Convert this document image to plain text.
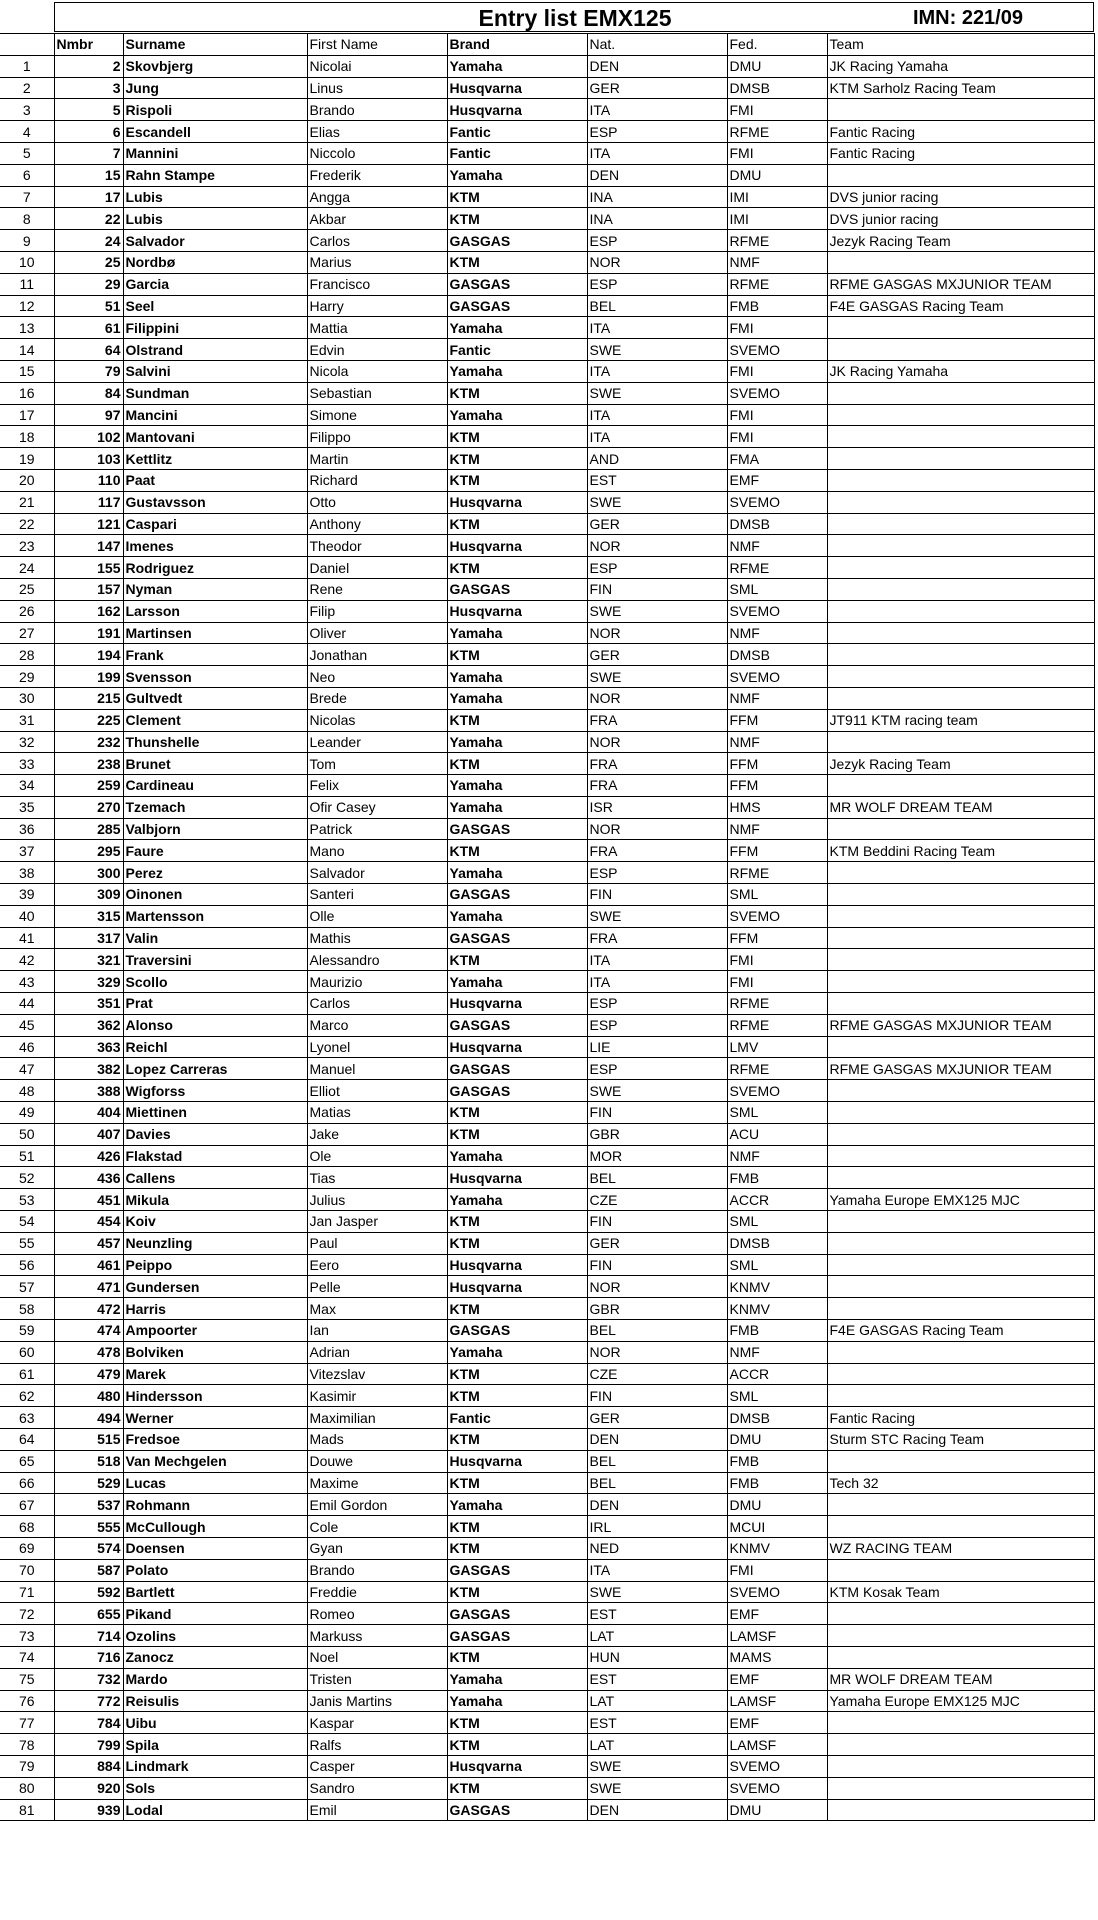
Entry list EMX125	IMN: 221/09
	Nmbr	Surname	First Name	Brand	Nat.	Fed.	Team
1	2	Skovbjerg	Nicolai	Yamaha	DEN	DMU	JK Racing Yamaha
2	3	Jung	Linus	Husqvarna	GER	DMSB	KTM Sarholz Racing Team
3	5	Rispoli	Brando	Husqvarna	ITA	FMI	
4	6	Escandell	Elias	Fantic	ESP	RFME	Fantic Racing
5	7	Mannini	Niccolo	Fantic	ITA	FMI	Fantic Racing
6	15	Rahn Stampe	Frederik	Yamaha	DEN	DMU	
7	17	Lubis	Angga	KTM	INA	IMI	DVS junior racing
8	22	Lubis	Akbar	KTM	INA	IMI	DVS junior racing
9	24	Salvador	Carlos	GASGAS	ESP	RFME	Jezyk Racing Team
10	25	Nordbø	Marius	KTM	NOR	NMF	
11	29	Garcia	Francisco	GASGAS	ESP	RFME	RFME GASGAS MXJUNIOR TEAM
12	51	Seel	Harry	GASGAS	BEL	FMB	F4E GASGAS Racing Team
13	61	Filippini	Mattia	Yamaha	ITA	FMI	
14	64	Olstrand	Edvin	Fantic	SWE	SVEMO	
15	79	Salvini	Nicola	Yamaha	ITA	FMI	JK Racing Yamaha
16	84	Sundman	Sebastian	KTM	SWE	SVEMO	
17	97	Mancini	Simone	Yamaha	ITA	FMI	
18	102	Mantovani	Filippo	KTM	ITA	FMI	
19	103	Kettlitz	Martin	KTM	AND	FMA	
20	110	Paat	Richard	KTM	EST	EMF	
21	117	Gustavsson	Otto	Husqvarna	SWE	SVEMO	
22	121	Caspari	Anthony	KTM	GER	DMSB	
23	147	Imenes	Theodor	Husqvarna	NOR	NMF	
24	155	Rodriguez	Daniel	KTM	ESP	RFME	
25	157	Nyman	Rene	GASGAS	FIN	SML	
26	162	Larsson	Filip	Husqvarna	SWE	SVEMO	
27	191	Martinsen	Oliver	Yamaha	NOR	NMF	
28	194	Frank	Jonathan	KTM	GER	DMSB	
29	199	Svensson	Neo	Yamaha	SWE	SVEMO	
30	215	Gultvedt	Brede	Yamaha	NOR	NMF	
31	225	Clement	Nicolas	KTM	FRA	FFM	JT911 KTM racing team
32	232	Thunshelle	Leander	Yamaha	NOR	NMF	
33	238	Brunet	Tom	KTM	FRA	FFM	Jezyk Racing Team
34	259	Cardineau	Felix	Yamaha	FRA	FFM	
35	270	Tzemach	Ofir Casey	Yamaha	ISR	HMS	MR WOLF DREAM TEAM
36	285	Valbjorn	Patrick	GASGAS	NOR	NMF	
37	295	Faure	Mano	KTM	FRA	FFM	KTM Beddini Racing Team
38	300	Perez	Salvador	Yamaha	ESP	RFME	
39	309	Oinonen	Santeri	GASGAS	FIN	SML	
40	315	Martensson	Olle	Yamaha	SWE	SVEMO	
41	317	Valin	Mathis	GASGAS	FRA	FFM	
42	321	Traversini	Alessandro	KTM	ITA	FMI	
43	329	Scollo	Maurizio	Yamaha	ITA	FMI	
44	351	Prat	Carlos	Husqvarna	ESP	RFME	
45	362	Alonso	Marco	GASGAS	ESP	RFME	RFME GASGAS MXJUNIOR TEAM
46	363	Reichl	Lyonel	Husqvarna	LIE	LMV	
47	382	Lopez Carreras	Manuel	GASGAS	ESP	RFME	RFME GASGAS MXJUNIOR TEAM
48	388	Wigforss	Elliot	GASGAS	SWE	SVEMO	
49	404	Miettinen	Matias	KTM	FIN	SML	
50	407	Davies	Jake	KTM	GBR	ACU	
51	426	Flakstad	Ole	Yamaha	MOR	NMF	
52	436	Callens	Tias	Husqvarna	BEL	FMB	
53	451	Mikula	Julius	Yamaha	CZE	ACCR	Yamaha Europe EMX125 MJC
54	454	Koiv	Jan Jasper	KTM	FIN	SML	
55	457	Neunzling	Paul	KTM	GER	DMSB	
56	461	Peippo	Eero	Husqvarna	FIN	SML	
57	471	Gundersen	Pelle	Husqvarna	NOR	KNMV	
58	472	Harris	Max	KTM	GBR	KNMV	
59	474	Ampoorter	Ian	GASGAS	BEL	FMB	F4E GASGAS Racing Team
60	478	Bolviken	Adrian	Yamaha	NOR	NMF	
61	479	Marek	Vitezslav	KTM	CZE	ACCR	
62	480	Hindersson	Kasimir	KTM	FIN	SML	
63	494	Werner	Maximilian	Fantic	GER	DMSB	Fantic Racing
64	515	Fredsoe	Mads	KTM	DEN	DMU	Sturm STC Racing Team
65	518	Van Mechgelen	Douwe	Husqvarna	BEL	FMB	
66	529	Lucas	Maxime	KTM	BEL	FMB	Tech 32
67	537	Rohmann	Emil Gordon	Yamaha	DEN	DMU	
68	555	McCullough	Cole	KTM	IRL	MCUI	
69	574	Doensen	Gyan	KTM	NED	KNMV	WZ RACING TEAM
70	587	Polato	Brando	GASGAS	ITA	FMI	
71	592	Bartlett	Freddie	KTM	SWE	SVEMO	KTM Kosak Team
72	655	Pikand	Romeo	GASGAS	EST	EMF	
73	714	Ozolins	Markuss	GASGAS	LAT	LAMSF	
74	716	Zanocz	Noel	KTM	HUN	MAMS	
75	732	Mardo	Tristen	Yamaha	EST	EMF	MR WOLF DREAM TEAM
76	772	Reisulis	Janis Martins	Yamaha	LAT	LAMSF	Yamaha Europe EMX125 MJC
77	784	Uibu	Kaspar	KTM	EST	EMF	
78	799	Spila	Ralfs	KTM	LAT	LAMSF	
79	884	Lindmark	Casper	Husqvarna	SWE	SVEMO	
80	920	Sols	Sandro	KTM	SWE	SVEMO	
81	939	Lodal	Emil	GASGAS	DEN	DMU	
